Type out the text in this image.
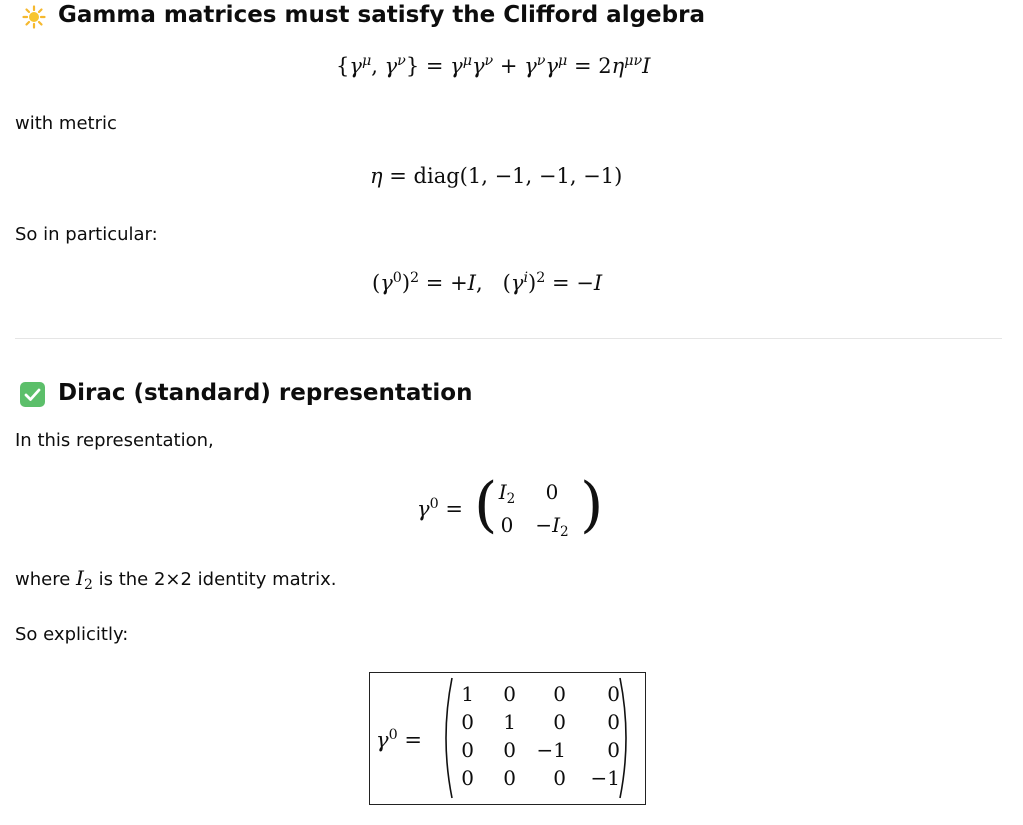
Gamma matrices must satisfy the Clifford algebra
{$\gamma^\mu$, $\gamma^\nu\} = \gamma^\mu\gamma^\nu + \gamma^\nu\gamma^\mu = 2\eta^{\mu\nu}I$
with metric
η = diag(1, −1, −1, −1)
So in particular:
$(\gamma^0)^2 = +I$,   $(\gamma^i)^2 = -I$
Dirac (standard) representation
In this representation,
$\gamma^0$ = ( )
$I_2$	0
0	$-I_2$
where $I_2$ is the 2×2 identity matrix.
So explicitly:
$\gamma^0$ =
1	0	0	0
0	1	0	0
0	0	−1	0
0	0	0	−1
